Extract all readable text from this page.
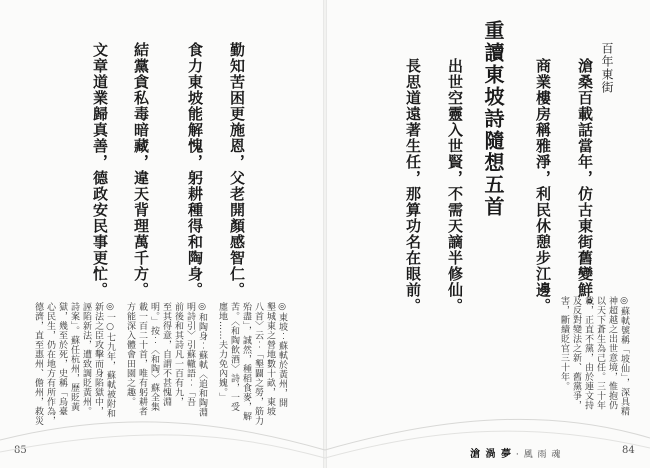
勤知苦困更施恩，父老開顏感智仁。
食力東坡能解愧，躬耕種得和陶身。
結黨貪私毒暗藏，違天背理萬千方。
文章道業歸真善，德政安民事更忙。
◎東坡︰蘇軾於黃州，開
墾城東之營地數十畝，東坡
八首〉云︰「墾闢之勞，筋力
殆盡」，誠然，種稻食麥，解
苦。〈和陶飲酒〉詩，一受
廛地……夫力免內媿。」
◎和陶身︰蘇軾〈追和陶淵
明詩引〉引蘇轍語︰「吾
前後和其詩凡一百有九，
至其得意，自謂不甚愧淵
明。」按︰〈和陶〉蘇全集
載一百二十首，唯有躬耕者
方能深入體會田園之趣。
◎一○七九年，蘇軾被附和
新法之臣攻擊而身陷獄中，
誣陷新法，遭致調貶黃州。
詩案」。蘇任杭州，歷貶黃
獄，幾至於死，史稱「烏臺
心民生，仍在地方有所作為，
德濟，直至惠州、儋州，救災
85
百年東街
滄桑百載話當年，仿古東街舊變鮮。
商業樓房稱雅淨，利民休憩步江邊。
重讀東坡詩隨想五首
出世空靈入世賢，不需天謫半修仙。
長思道遠著生任，那算功名在眼前。
◎蘇軾號稱「坡仙」，深具精
神超越之出世意境，惟抱仍
以天下蒼生為己任。三十年
載，正直不黨，由於連文持
及反對變法之新、舊黨爭，
害，斷續貶官三十年。
滄 渦 夢 · 風 雨 魂	84
